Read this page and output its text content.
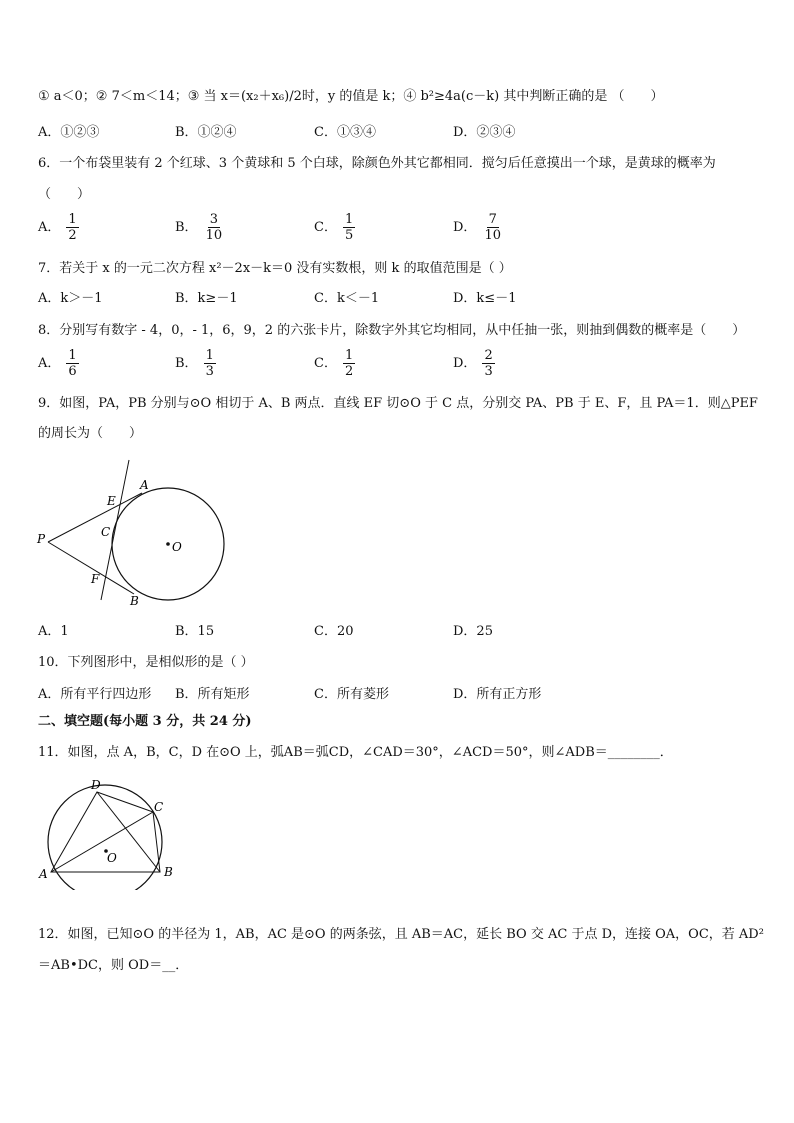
① a＜0；② 7＜m＜14；③ 当 x＝(x₂＋x₆)/2时，y 的值是 k；④ b²≥4a(c－k) 其中判断正确的是 （　　）
A．①②③	B．①②④	C．①③④	D．②③④
6．一个布袋里装有 2 个红球、3 个黄球和 5 个白球，除颜色外其它都相同．搅匀后任意摸出一个球，是黄球的概率为
（　　）
A． $\frac{1}{2}$	B． $\frac{3}{10}$	C． $\frac{1}{5}$	D． $\frac{7}{10}$
7．若关于 x 的一元二次方程 x²－2x－k＝0 没有实数根，则 k 的取值范围是（ ）
A．k＞－1	B．k≥－1	C．k＜－1	D．k≤－1
8．分别写有数字 - 4，0，- 1，6，9，2 的六张卡片，除数字外其它均相同，从中任抽一张，则抽到偶数的概率是（　　）
A． $\frac{1}{6}$	B． $\frac{1}{3}$	C． $\frac{1}{2}$	D． $\frac{2}{3}$
9．如图，PA，PB 分别与⊙O 相切于 A、B 两点．直线 EF 切⊙O 于 C 点，分别交 PA、PB 于 E、F，且 PA＝1．则△PEF
的周长为（　　）
P
A
E
C
F
B
O
A．1	B．15	C．20	D．25
10．下列图形中，是相似形的是（ ）
A．所有平行四边形 B．所有矩形	C．所有菱形	D．所有正方形
二、填空题(每小题 3 分，共 24 分)
11．如图，点 A，B，C，D 在⊙O 上，弧AB＝弧CD，∠CAD＝30°，∠ACD＝50°，则∠ADB＝________．
D
C
A	B
O
12．如图，已知⊙O 的半径为 1，AB，AC 是⊙O 的两条弦，且 AB＝AC，延长 BO 交 AC 于点 D，连接 OA，OC，若 AD²
＝AB•DC，则 OD＝__．
